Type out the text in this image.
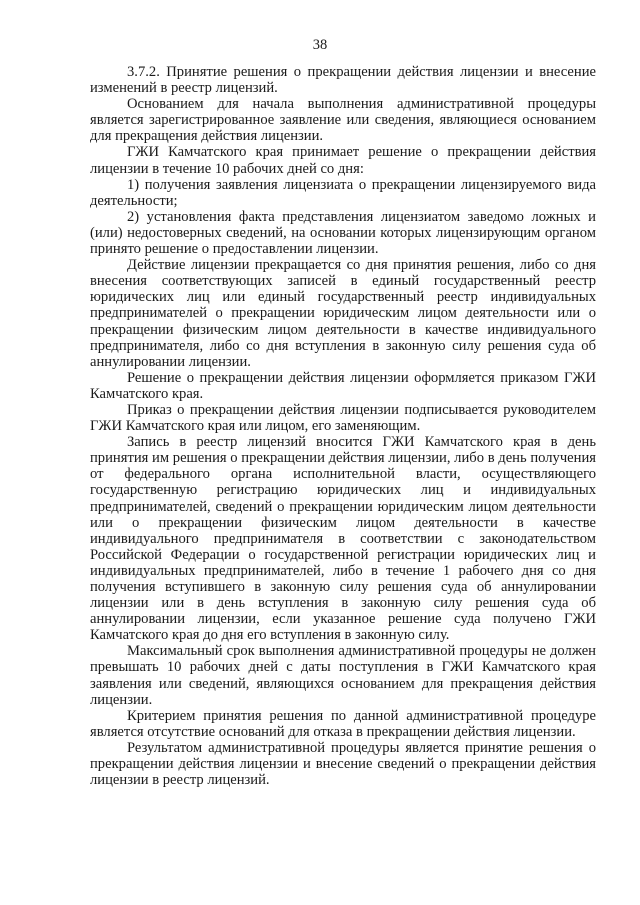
38

3.7.2. Принятие решения о прекращении действия лицензии и внесение изменений в реестр лицензий.

Основанием для начала выполнения административной процедуры является зарегистрированное заявление или сведения, являющиеся основанием для прекращения действия лицензии.

ГЖИ Камчатского края принимает решение о прекращении действия лицензии в течение 10 рабочих дней со дня:

1) получения заявления лицензиата о прекращении лицензируемого вида деятельности;

2) установления факта представления лицензиатом заведомо ложных и (или) недостоверных сведений, на основании которых лицензирующим органом принято решение о предоставлении лицензии.

Действие лицензии прекращается со дня принятия решения, либо со дня внесения соответствующих записей в единый государственный реестр юридических лиц или единый государственный реестр индивидуальных предпринимателей о прекращении юридическим лицом деятельности или о прекращении физическим лицом деятельности в качестве индивидуального предпринимателя, либо со дня вступления в законную силу решения суда об аннулировании лицензии.

Решение о прекращении действия лицензии оформляется приказом ГЖИ Камчатского края.

Приказ о прекращении действия лицензии подписывается руководителем ГЖИ Камчатского края или лицом, его заменяющим.

Запись в реестр лицензий вносится ГЖИ Камчатского края в день принятия им решения о прекращении действия лицензии, либо в день получения от федерального органа исполнительной власти, осуществляющего государственную регистрацию юридических лиц и индивидуальных предпринимателей, сведений о прекращении юридическим лицом деятельности или о прекращении физическим лицом деятельности в качестве индивидуального предпринимателя в соответствии с законодательством Российской Федерации о государственной регистрации юридических лиц и индивидуальных предпринимателей, либо в течение 1 рабочего дня со дня получения вступившего в законную силу решения суда об аннулировании лицензии или в день вступления в законную силу решения суда об аннулировании лицензии, если указанное решение суда получено ГЖИ Камчатского края до дня его вступления в законную силу.

Максимальный срок выполнения административной процедуры не должен превышать 10 рабочих дней с даты поступления в ГЖИ Камчатского края заявления или сведений, являющихся основанием для прекращения действия лицензии.

Критерием принятия решения по данной административной процедуре является отсутствие оснований для отказа в прекращении действия лицензии.

Результатом административной процедуры является принятие решения о прекращении действия лицензии и внесение сведений о прекращении действия лицензии в реестр лицензий.
